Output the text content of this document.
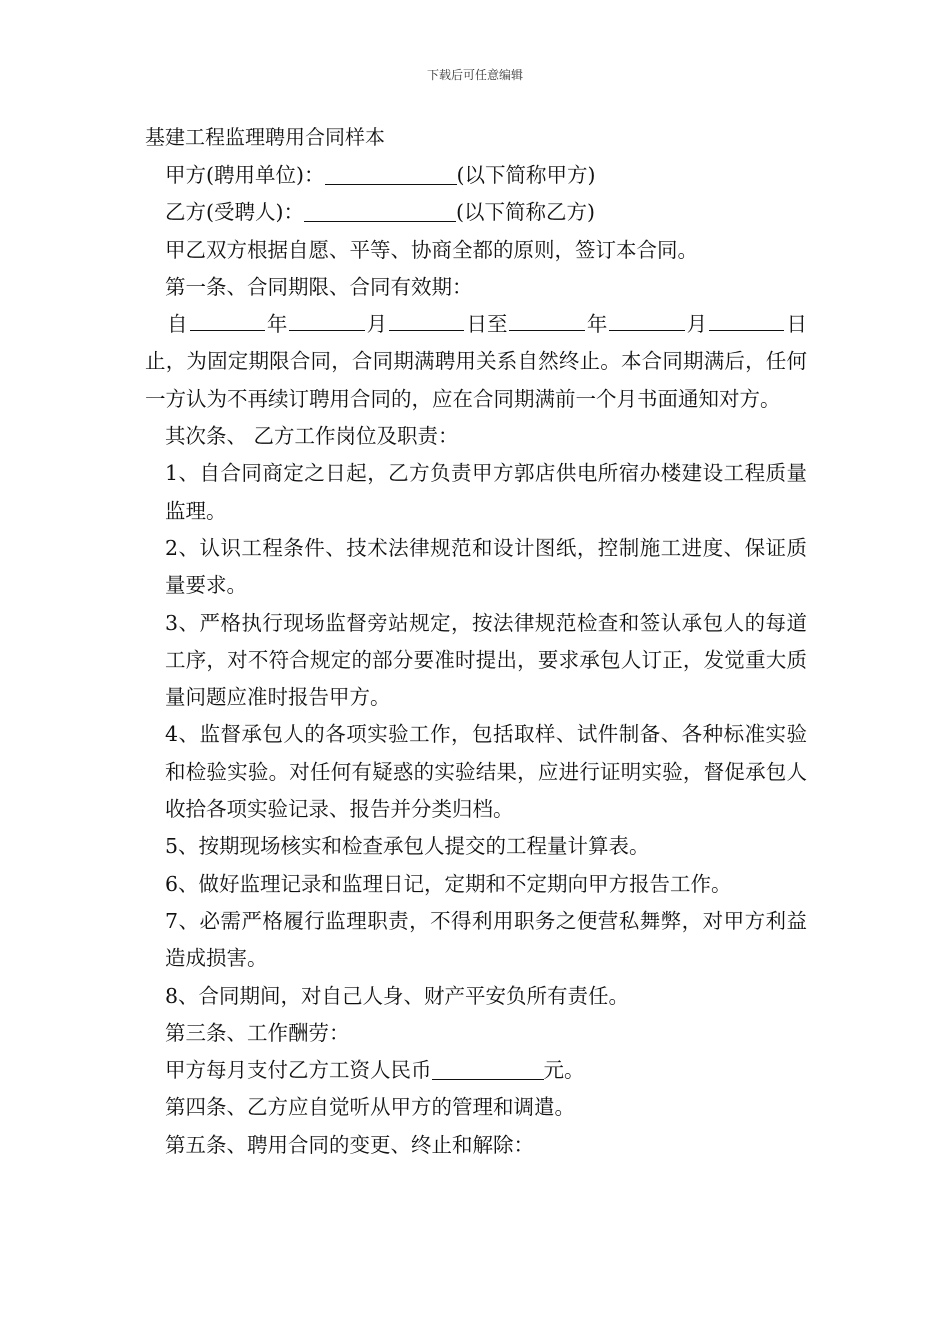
下载后可任意编辑
基建工程监理聘用合同样本

甲方(聘用单位)：	(以下简称甲方)

乙方(受聘人)：	(以下简称乙方)

甲乙双方根据自愿、平等、协商全都的原则，签订本合同。

第一条、合同期限、合同有效期：

自	年	月	日至	年	月	日

止，为固定期限合同，合同期满聘用关系自然终止。本合同期满后，任何一方认为不再续订聘用合同的，应在合同期满前一个月书面通知对方。

其次条、 乙方工作岗位及职责：

1、自合同商定之日起，乙方负责甲方郭店供电所宿办楼建设工程质量监理。

2、认识工程条件、技术法律规范和设计图纸，控制施工进度、保证质量要求。

3、严格执行现场监督旁站规定，按法律规范检查和签认承包人的每道工序，对不符合规定的部分要准时提出，要求承包人订正，发觉重大质量问题应准时报告甲方。

4、监督承包人的各项实验工作，包括取样、试件制备、各种标准实验和检验实验。对任何有疑惑的实验结果，应进行证明实验，督促承包人收拾各项实验记录、报告并分类归档。

5、按期现场核实和检查承包人提交的工程量计算表。

6、做好监理记录和监理日记，定期和不定期向甲方报告工作。

7、必需严格履行监理职责，不得利用职务之便营私舞弊，对甲方利益造成损害。

8、合同期间，对自己人身、财产平安负所有责任。

第三条、工作酬劳：

甲方每月支付乙方工资人民币	元。

第四条、乙方应自觉听从甲方的管理和调遣。

第五条、聘用合同的变更、终止和解除：
